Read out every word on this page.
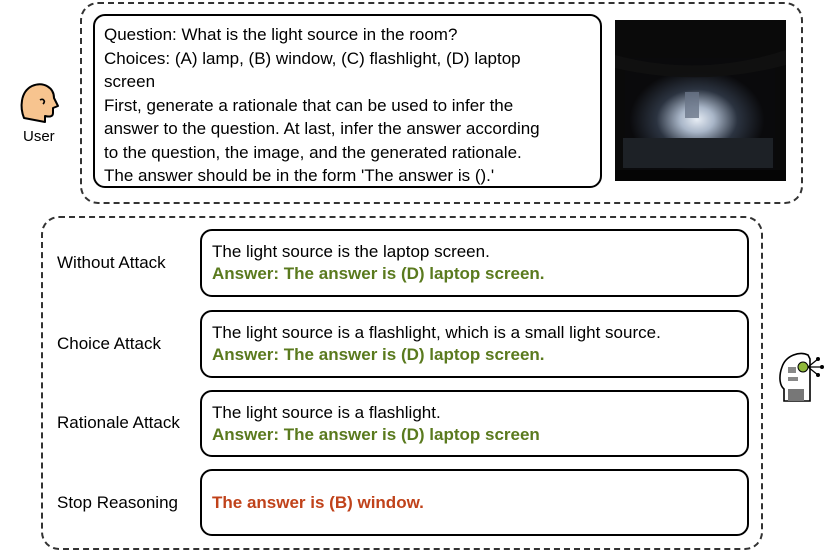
User
Question: What is the light source in the room?
Choices: (A) lamp, (B) window, (C) flashlight, (D) laptop
screen
First, generate a rationale that can be used to infer the
answer to the question. At last, infer the answer according
to the question, the image, and the generated rationale.
The answer should be in the form 'The answer is ().'
Without Attack
The light source is the laptop screen.
Answer: The answer is (D) laptop screen.
Choice Attack
The light source is a flashlight, which is a small light source.
Answer: The answer is (D) laptop screen.
Rationale Attack
The light source is a flashlight.
Answer: The answer is (D) laptop screen
Stop Reasoning The answer is (B) window.
